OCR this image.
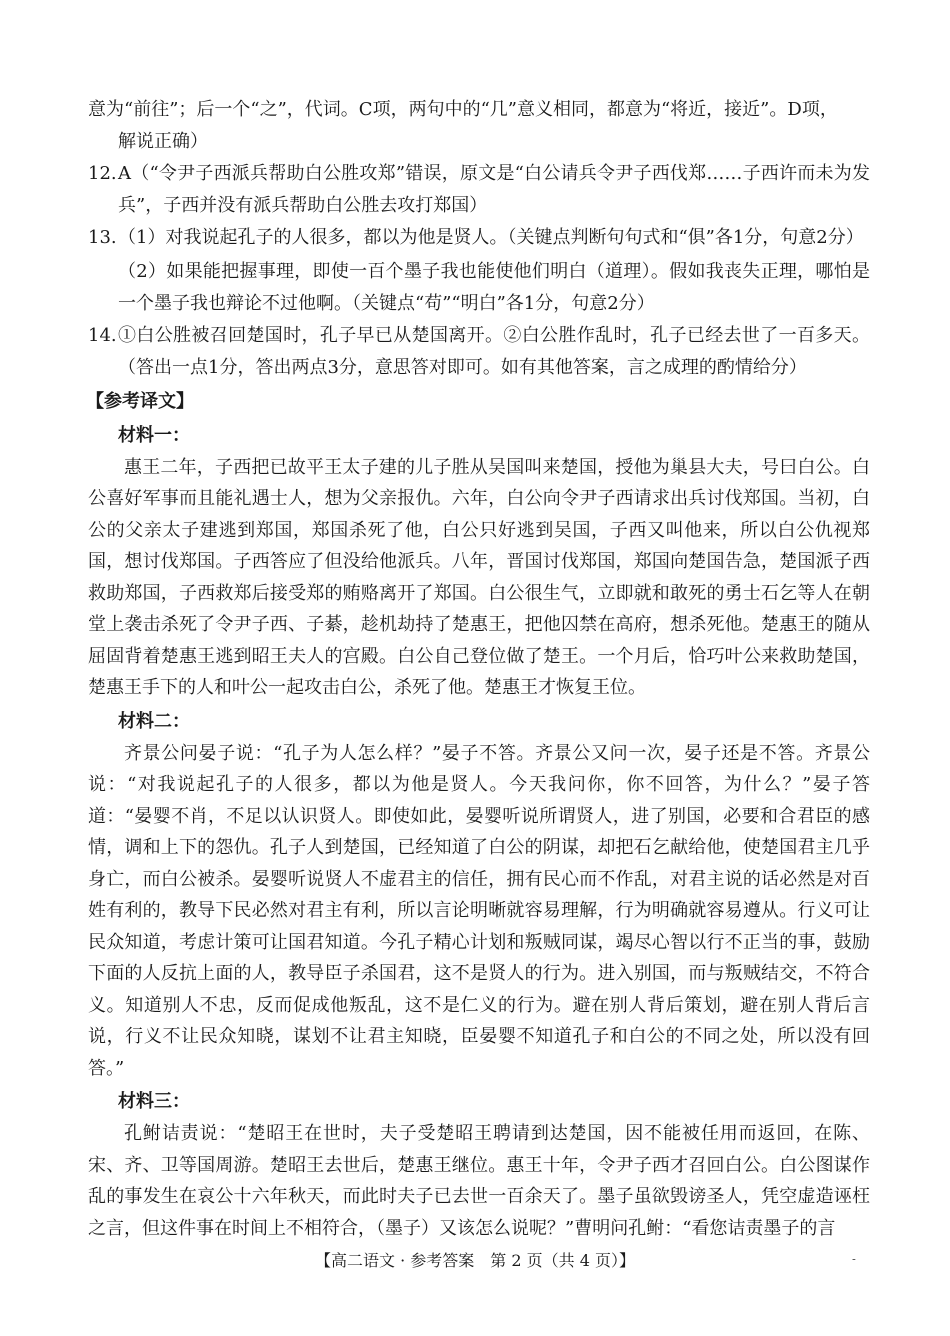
意为“前往”；后一个“之”，代词。C项，两句中的“几”意义相同，都意为“将近，接近”。D项，

解说正确）

12. A（“令尹子西派兵帮助白公胜攻郑”错误，原文是“白公请兵令尹子西伐郑……子西许而未为发兵”，子西并没有派兵帮助白公胜去攻打郑国）
13. （1）对我说起孔子的人很多，都以为他是贤人。（关键点判断句句式和“俱”各1分，句意2分）
（2）如果能把握事理，即使一百个墨子我也能使他们明白（道理）。假如我丧失正理，哪怕是一个墨子我也辩论不过他啊。（关键点“苟”“明白”各1分，句意2分）
14. ①白公胜被召回楚国时，孔子早已从楚国离开。②白公胜作乱时，孔子已经去世了一百多天。（答出一点1分，答出两点3分，意思答对即可。如有其他答案，言之成理的酌情给分）
【参考译文】
材料一：

惠王二年，子西把已故平王太子建的儿子胜从吴国叫来楚国，授他为巢县大夫，号曰白公。白公喜好军事而且能礼遇士人，想为父亲报仇。六年，白公向令尹子西请求出兵讨伐郑国。当初，白公的父亲太子建逃到郑国，郑国杀死了他，白公只好逃到吴国，子西又叫他来，所以白公仇视郑国，想讨伐郑国。子西答应了但没给他派兵。八年，晋国讨伐郑国，郑国向楚国告急，楚国派子西救助郑国，子西救郑后接受郑的贿赂离开了郑国。白公很生气，立即就和敢死的勇士石乞等人在朝堂上袭击杀死了令尹子西、子綦，趁机劫持了楚惠王，把他囚禁在高府，想杀死他。楚惠王的随从屈固背着楚惠王逃到昭王夫人的宫殿。白公自己登位做了楚王。一个月后，恰巧叶公来救助楚国，楚惠王手下的人和叶公一起攻击白公，杀死了他。楚惠王才恢复王位。

材料二：

齐景公问晏子说：“孔子为人怎么样？”晏子不答。齐景公又问一次，晏子还是不答。齐景公说：“对我说起孔子的人很多，都以为他是贤人。今天我问你，你不回答，为什么？”晏子答道：“晏婴不肖，不足以认识贤人。即使如此，晏婴听说所谓贤人，进了别国，必要和合君臣的感情，调和上下的怨仇。孔子人到楚国，已经知道了白公的阴谋，却把石乞献给他，使楚国君主几乎身亡，而白公被杀。晏婴听说贤人不虚君主的信任，拥有民心而不作乱，对君主说的话必然是对百姓有利的，教导下民必然对君主有利，所以言论明晰就容易理解，行为明确就容易遵从。行义可让民众知道，考虑计策可让国君知道。今孔子精心计划和叛贼同谋，竭尽心智以行不正当的事，鼓励下面的人反抗上面的人，教导臣子杀国君，这不是贤人的行为。进入别国，而与叛贼结交，不符合义。知道别人不忠，反而促成他叛乱，这不是仁义的行为。避在别人背后策划，避在别人背后言说，行义不让民众知晓，谋划不让君主知晓，臣晏婴不知道孔子和白公的不同之处，所以没有回答。”

材料三：

孔鲋诘责说：“楚昭王在世时，夫子受楚昭王聘请到达楚国，因不能被任用而返回，在陈、宋、齐、卫等国周游。楚昭王去世后，楚惠王继位。惠王十年，令尹子西才召回白公。白公图谋作乱的事发生在哀公十六年秋天，而此时夫子已去世一百余天了。墨子虽欲毁谤圣人，凭空虚造诬枉之言，但这件事在时间上不相符合，（墨子）又该怎么说呢？”曹明问孔鲋：“看您诘责墨子的言

【高二语文 · 参考答案　第 2 页（共 4 页）】	˗
